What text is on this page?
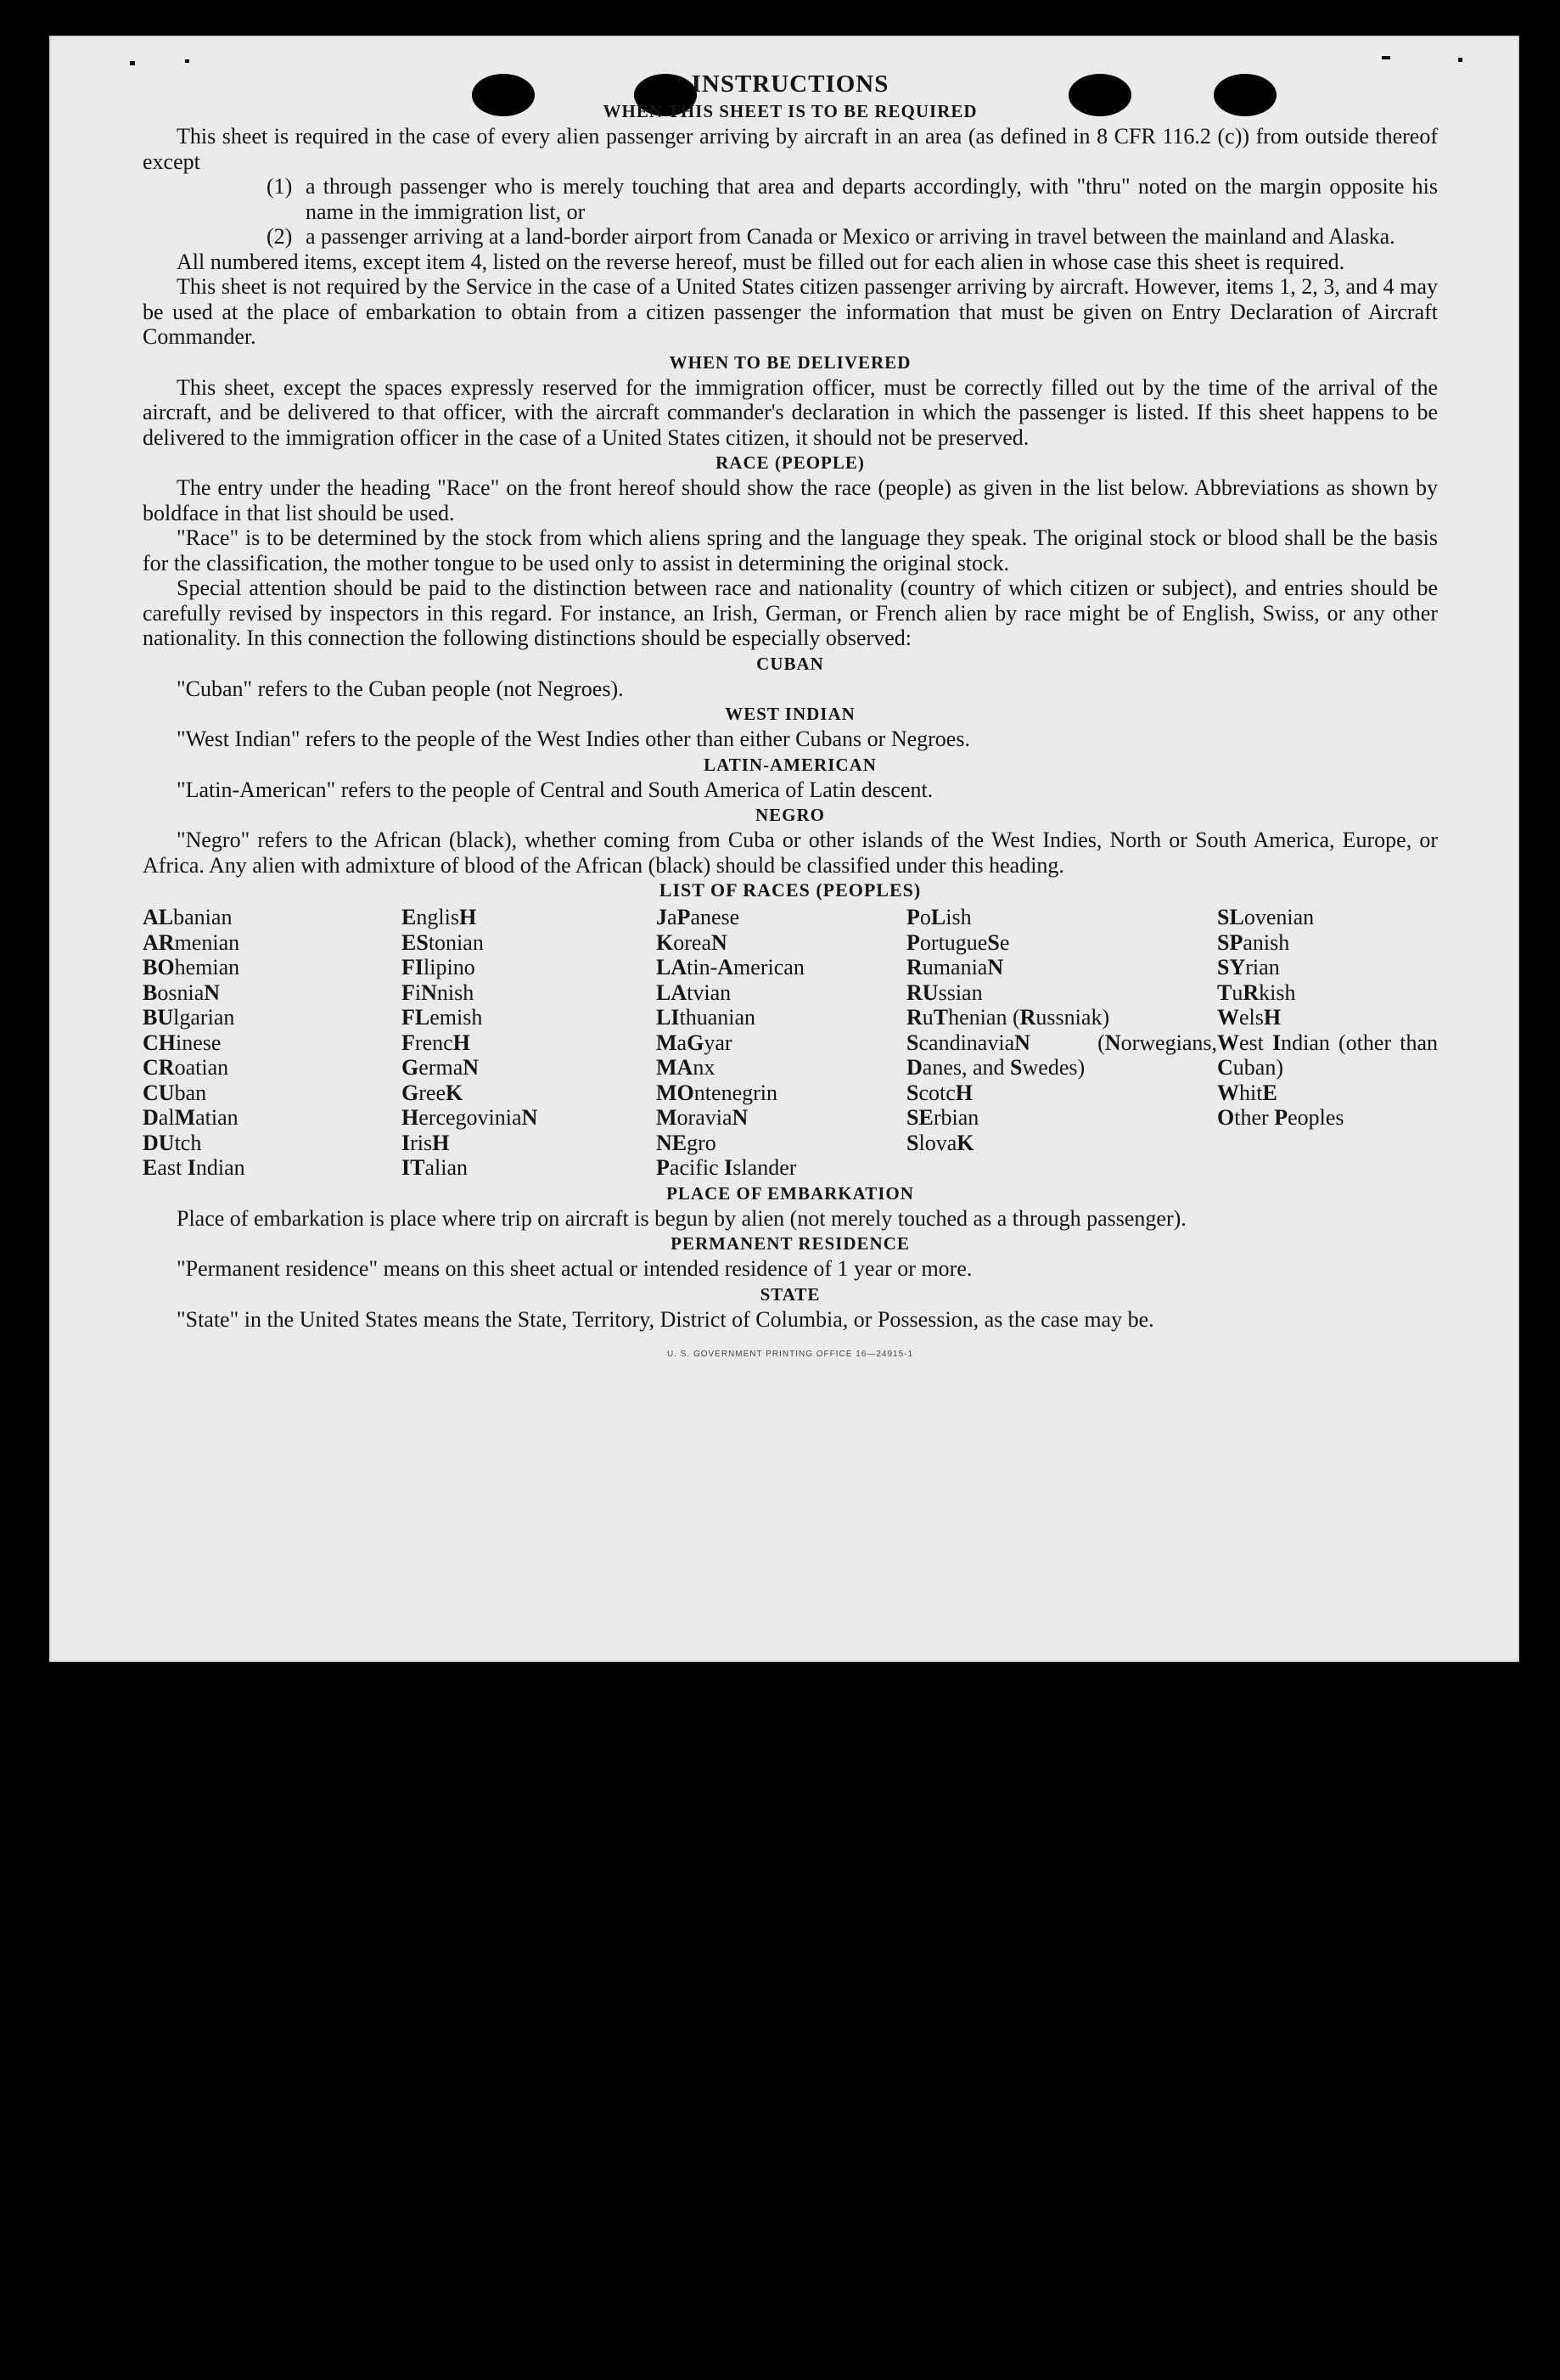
INSTRUCTIONS
WHEN THIS SHEET IS TO BE REQUIRED

This sheet is required in the case of every alien passenger arriving by aircraft in an area (as defined in 8 CFR 116.2 (c)) from outside thereof except

(1) a through passenger who is merely touching that area and departs accordingly, with "thru" noted on the margin opposite his name in the immigration list, or
(2) a passenger arriving at a land-border airport from Canada or Mexico or arriving in travel between the mainland and Alaska.

All numbered items, except item 4, listed on the reverse hereof, must be filled out for each alien in whose case this sheet is required.

This sheet is not required by the Service in the case of a United States citizen passenger arriving by aircraft. However, items 1, 2, 3, and 4 may be used at the place of embarkation to obtain from a citizen passenger the information that must be given on Entry Declaration of Aircraft Commander.

WHEN TO BE DELIVERED

This sheet, except the spaces expressly reserved for the immigration officer, must be correctly filled out by the time of the arrival of the aircraft, and be delivered to that officer, with the aircraft commander's declaration in which the passenger is listed. If this sheet happens to be delivered to the immigration officer in the case of a United States citizen, it should not be preserved.

RACE (PEOPLE)

The entry under the heading "Race" on the front hereof should show the race (people) as given in the list below. Abbreviations as shown by boldface in that list should be used.

"Race" is to be determined by the stock from which aliens spring and the language they speak. The original stock or blood shall be the basis for the classification, the mother tongue to be used only to assist in determining the original stock.

Special attention should be paid to the distinction between race and nationality (country of which citizen or subject), and entries should be carefully revised by inspectors in this regard. For instance, an Irish, German, or French alien by race might be of English, Swiss, or any other nationality. In this connection the following distinctions should be especially observed:

CUBAN

"Cuban" refers to the Cuban people (not Negroes).

WEST INDIAN

"West Indian" refers to the people of the West Indies other than either Cubans or Negroes.

LATIN-AMERICAN

"Latin-American" refers to the people of Central and South America of Latin descent.

NEGRO

"Negro" refers to the African (black), whether coming from Cuba or other islands of the West Indies, North or South America, Europe, or Africa. Any alien with admixture of blood of the African (black) should be classified under this heading.

LIST OF RACES (PEOPLES)
ALbanian
ARmenian
BOhemian
BosniaN
BUlgarian
CHinese
CRoatian
CUban
DalMatian
DUtch
East Indian
EnglisH
EStonian
FIlipino
FiNnish
FLemish
FrencH
GermaN
GreeK
HercegoviniaN
IrisH
ITalian
JaPanese
KoreaN
LAtin-American
LAtvian
LIthuanian
MaGyar
MAnx
MOntenegrin
MoraviaN
NEgro
Pacific Islander
PoLish
PortugueSe
RumaniaN
RUssian
RuThenian (Russniak)
ScandinaviaN	(Norwegians, Danes, and Swedes)
ScotcH
SErbian
SlovaK
SLovenian
SPanish
SYrian
TuRkish
WelsH
West Indian (other than Cuban)
WhitE
Other Peoples
PLACE OF EMBARKATION

Place of embarkation is place where trip on aircraft is begun by alien (not merely touched as a through passenger).

PERMANENT RESIDENCE

"Permanent residence" means on this sheet actual or intended residence of 1 year or more.

STATE

"State" in the United States means the State, Territory, District of Columbia, or Possession, as the case may be.

U. S. GOVERNMENT PRINTING OFFICE 16—24915-1
